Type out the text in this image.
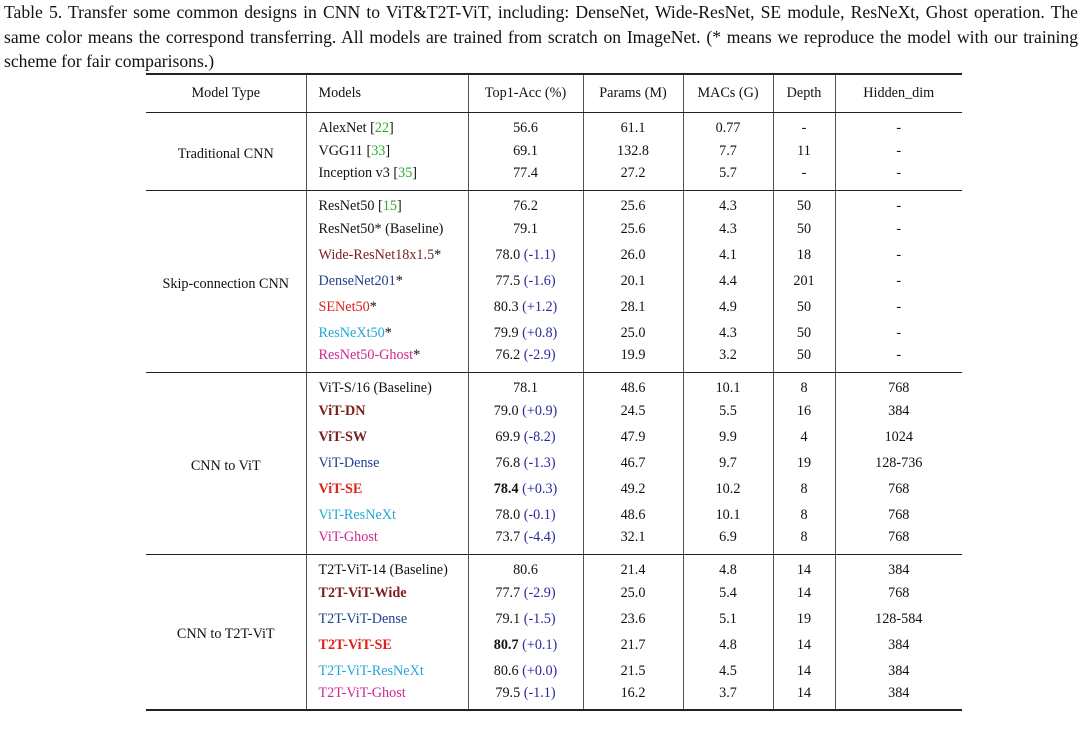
Table 5. Transfer some common designs in CNN to ViT&T2T-ViT, including: DenseNet, Wide-ResNet, SE module, ResNeXt, Ghost operation. The same color means the correspond transferring. All models are trained from scratch on ImageNet. (* means we reproduce the model with our training scheme for fair comparisons.)
Model Type	Models	Top1-Acc (%)	Params (M)	MACs (G)	Depth	Hidden_dim
Traditional CNN	AlexNet [22]	56.6	61.1	0.77	-	-
	VGG11 [33]	69.1	132.8	7.7	11	-
	Inception v3 [35]	77.4	27.2	5.7	-	-
Skip-connection CNN	ResNet50 [15]	76.2	25.6	4.3	50	-
	ResNet50* (Baseline)	79.1	25.6	4.3	50	-
	Wide-ResNet18x1.5*	78.0 (-1.1)	26.0	4.1	18	-
	DenseNet201*	77.5 (-1.6)	20.1	4.4	201	-
	SENet50*	80.3 (+1.2)	28.1	4.9	50	-
	ResNeXt50*	79.9 (+0.8)	25.0	4.3	50	-
	ResNet50-Ghost*	76.2 (-2.9)	19.9	3.2	50	-
CNN to ViT	ViT-S/16 (Baseline)	78.1	48.6	10.1	8	768
	ViT-DN	79.0 (+0.9)	24.5	5.5	16	384
	ViT-SW	69.9 (-8.2)	47.9	9.9	4	1024
	ViT-Dense	76.8 (-1.3)	46.7	9.7	19	128-736
	ViT-SE	78.4 (+0.3)	49.2	10.2	8	768
	ViT-ResNeXt	78.0 (-0.1)	48.6	10.1	8	768
	ViT-Ghost	73.7 (-4.4)	32.1	6.9	8	768
CNN to T2T-ViT	T2T-ViT-14 (Baseline)	80.6	21.4	4.8	14	384
	T2T-ViT-Wide	77.7 (-2.9)	25.0	5.4	14	768
	T2T-ViT-Dense	79.1 (-1.5)	23.6	5.1	19	128-584
	T2T-ViT-SE	80.7 (+0.1)	21.7	4.8	14	384
	T2T-ViT-ResNeXt	80.6 (+0.0)	21.5	4.5	14	384
	T2T-ViT-Ghost	79.5 (-1.1)	16.2	3.7	14	384
